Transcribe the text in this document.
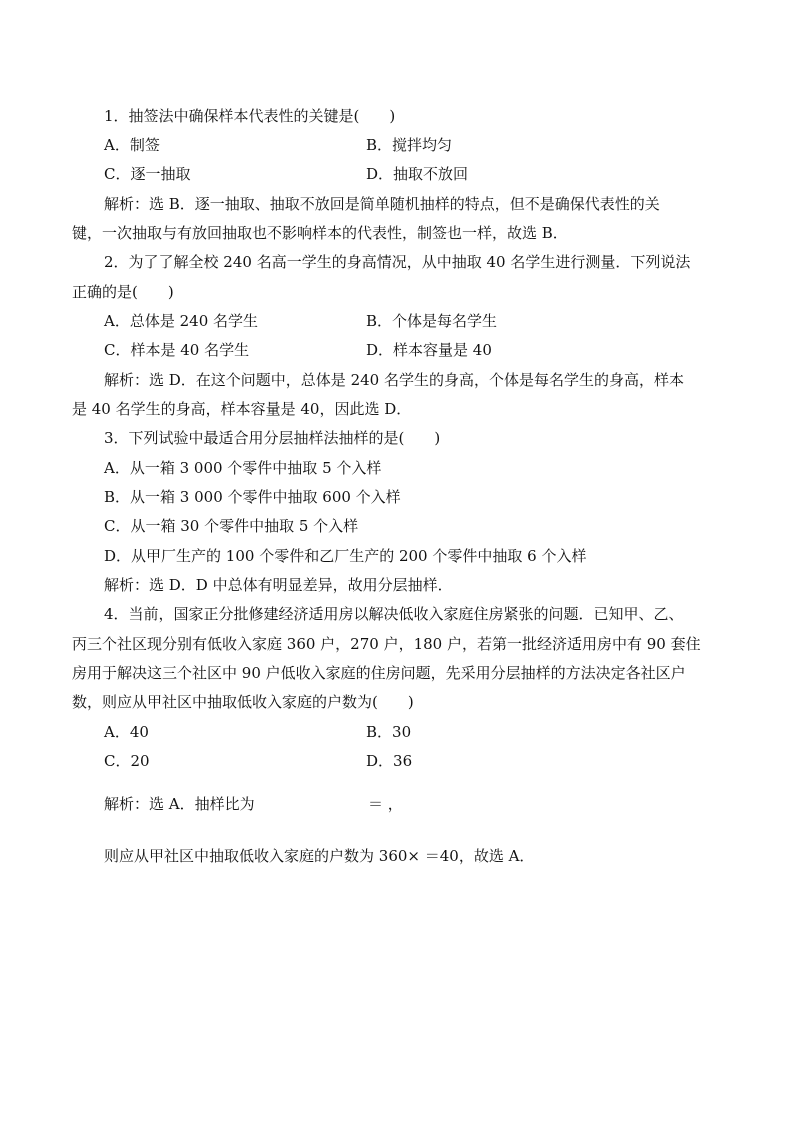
1．抽签法中确保样本代表性的关键是(　　)
A．制签	B．搅拌均匀
C．逐一抽取	D．抽取不放回
解析：选 B．逐一抽取、抽取不放回是简单随机抽样的特点，但不是确保代表性的关
键，一次抽取与有放回抽取也不影响样本的代表性，制签也一样，故选 B．
2．为了了解全校 240 名高一学生的身高情况，从中抽取 40 名学生进行测量．下列说法
正确的是(　　)
A．总体是 240 名学生	B．个体是每名学生
C．样本是 40 名学生	D．样本容量是 40
解析：选 D．在这个问题中，总体是 240 名学生的身高，个体是每名学生的身高，样本
是 40 名学生的身高，样本容量是 40，因此选 D．
3．下列试验中最适合用分层抽样法抽样的是(　　)
A．从一箱 3 000 个零件中抽取 5 个入样
B．从一箱 3 000 个零件中抽取 600 个入样
C．从一箱 30 个零件中抽取 5 个入样
D．从甲厂生产的 100 个零件和乙厂生产的 200 个零件中抽取 6 个入样
解析：选 D．D 中总体有明显差异，故用分层抽样．
4．当前，国家正分批修建经济适用房以解决低收入家庭住房紧张的问题．已知甲、乙、
丙三个社区现分别有低收入家庭 360 户，270 户，180 户，若第一批经济适用房中有 90 套住
房用于解决这三个社区中 90 户低收入家庭的住房问题，先采用分层抽样的方法决定各社区户
数，则应从甲社区中抽取低收入家庭的户数为(　　)
A．40	B．30
C．20	D．36
解析：选 A．抽样比为	＝ ，
则应从甲社区中抽取低收入家庭的户数为 360× ＝40，故选 A．
